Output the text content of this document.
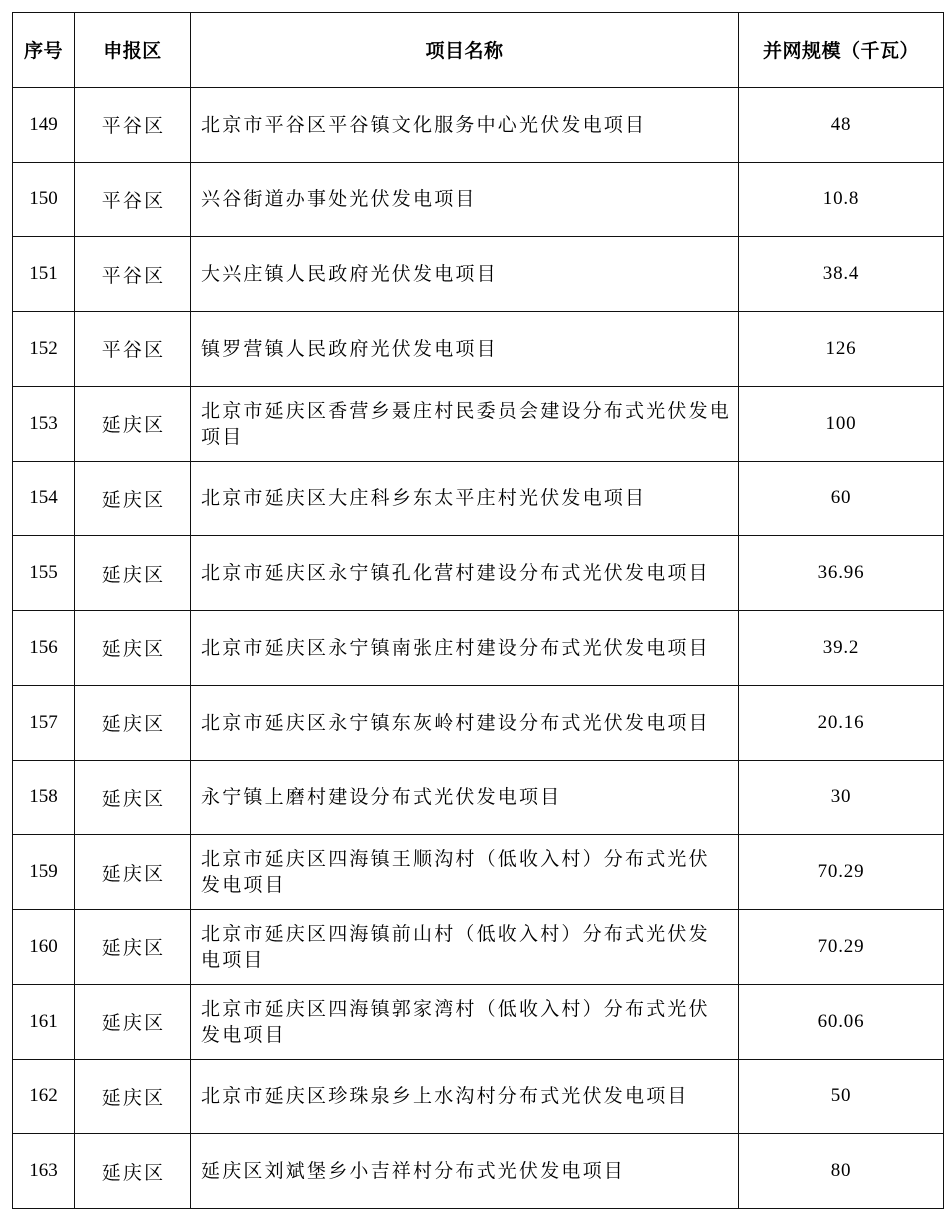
序号	申报区	项目名称	并网规模（千瓦）
149	平谷区	北京市平谷区平谷镇文化服务中心光伏发电项目	48
150	平谷区	兴谷街道办事处光伏发电项目	10.8
151	平谷区	大兴庄镇人民政府光伏发电项目	38.4
152	平谷区	镇罗营镇人民政府光伏发电项目	126
153	延庆区	北京市延庆区香营乡聂庄村民委员会建设分布式光伏发电
项目	100
154	延庆区	北京市延庆区大庄科乡东太平庄村光伏发电项目	60
155	延庆区	北京市延庆区永宁镇孔化营村建设分布式光伏发电项目	36.96
156	延庆区	北京市延庆区永宁镇南张庄村建设分布式光伏发电项目	39.2
157	延庆区	北京市延庆区永宁镇东灰岭村建设分布式光伏发电项目	20.16
158	延庆区	永宁镇上磨村建设分布式光伏发电项目	30
159	延庆区	北京市延庆区四海镇王顺沟村（低收入村）分布式光伏
发电项目	70.29
160	延庆区	北京市延庆区四海镇前山村（低收入村）分布式光伏发
电项目	70.29
161	延庆区	北京市延庆区四海镇郭家湾村（低收入村）分布式光伏
发电项目	60.06
162	延庆区	北京市延庆区珍珠泉乡上水沟村分布式光伏发电项目	50
163	延庆区	延庆区刘斌堡乡小吉祥村分布式光伏发电项目	80
